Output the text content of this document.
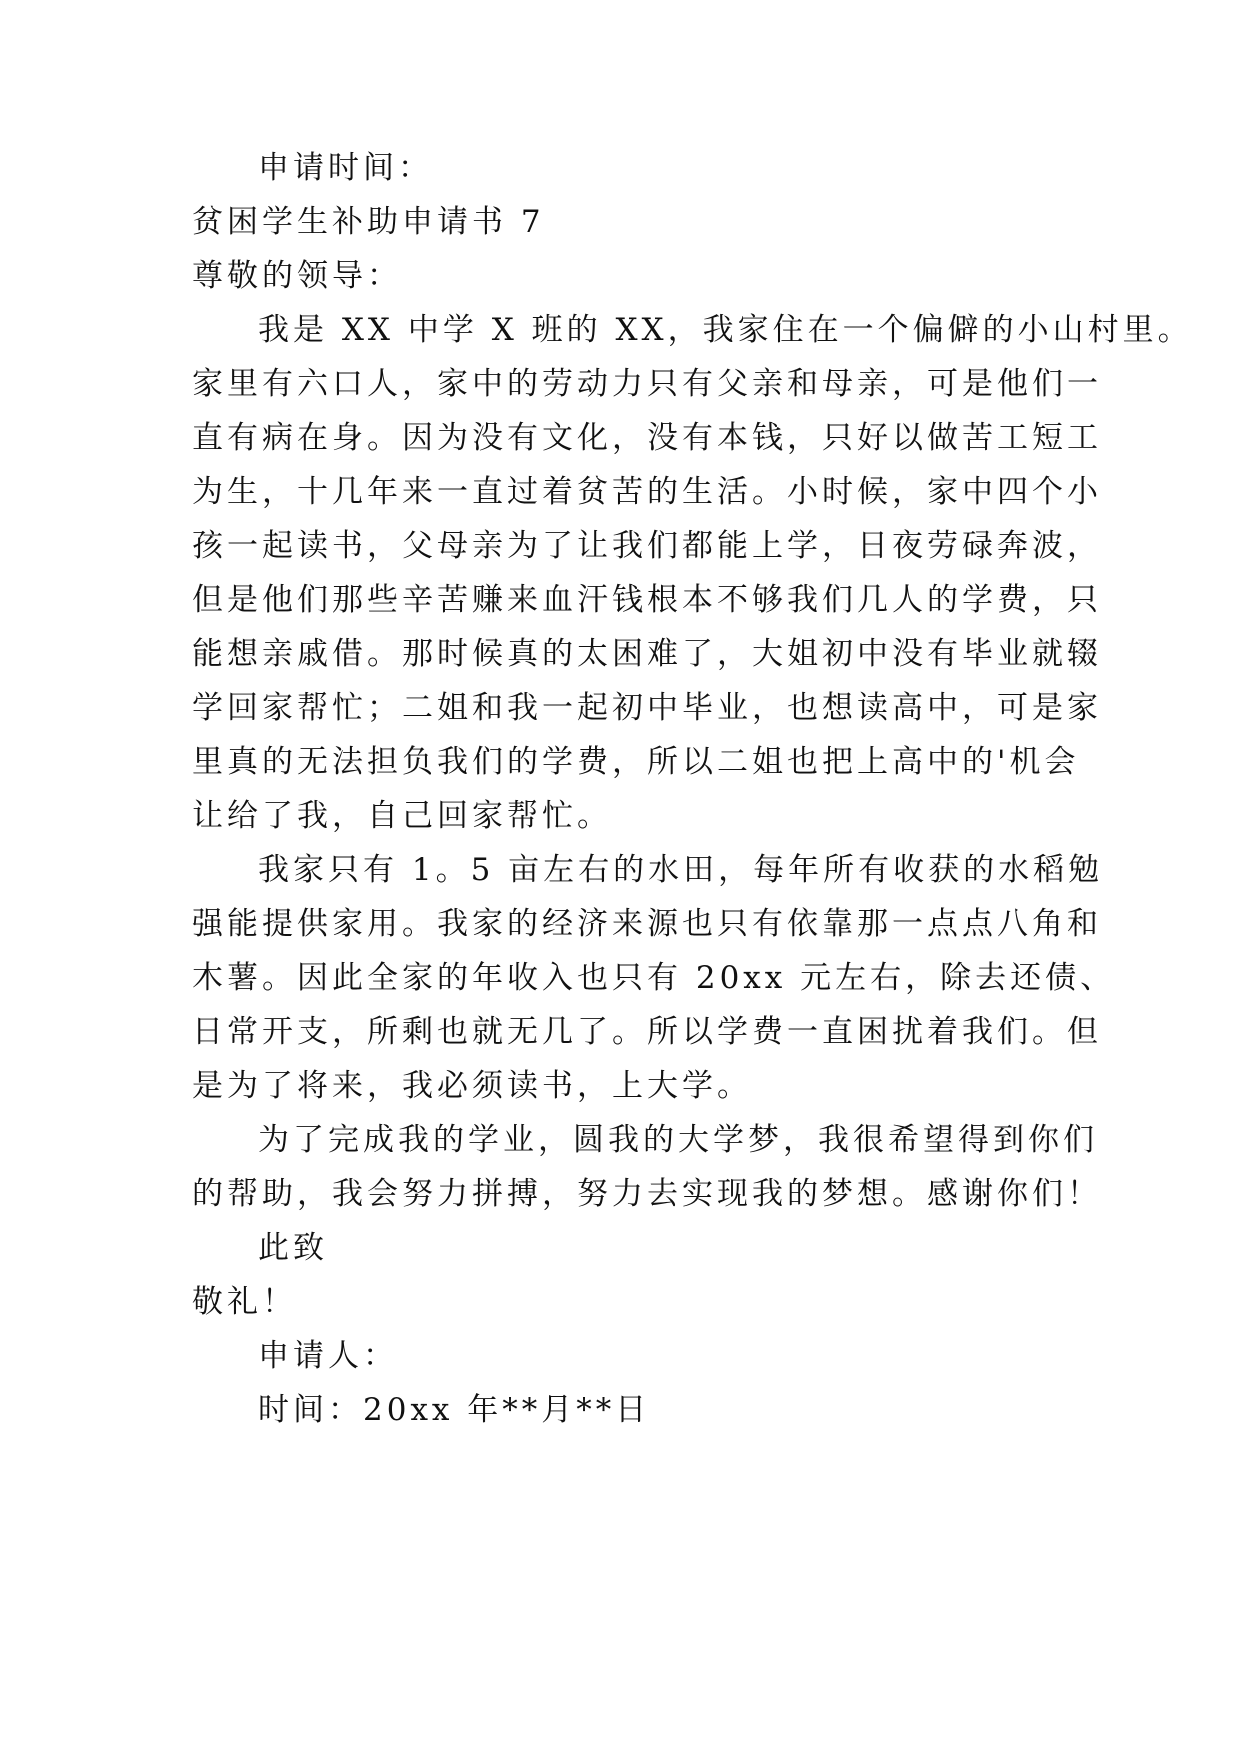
申请时间：
贫困学生补助申请书 7
尊敬的领导：
我是 XX 中学 X 班的 XX，我家住在一个偏僻的小山村里。
家里有六口人，家中的劳动力只有父亲和母亲，可是他们一
直有病在身。因为没有文化，没有本钱，只好以做苦工短工
为生，十几年来一直过着贫苦的生活。小时候，家中四个小
孩一起读书，父母亲为了让我们都能上学，日夜劳碌奔波，
但是他们那些辛苦赚来血汗钱根本不够我们几人的学费，只
能想亲戚借。那时候真的太困难了，大姐初中没有毕业就辍
学回家帮忙；二姐和我一起初中毕业，也想读高中，可是家
里真的无法担负我们的学费，所以二姐也把上高中的'机会
让给了我，自己回家帮忙。
我家只有 1。5 亩左右的水田，每年所有收获的水稻勉
强能提供家用。我家的经济来源也只有依靠那一点点八角和
木薯。因此全家的年收入也只有 20xx 元左右，除去还债、
日常开支，所剩也就无几了。所以学费一直困扰着我们。但
是为了将来，我必须读书，上大学。
为了完成我的学业，圆我的大学梦，我很希望得到你们
的帮助，我会努力拼搏，努力去实现我的梦想。感谢你们！
此致
敬礼！
申请人：
时间：20xx 年**月**日
